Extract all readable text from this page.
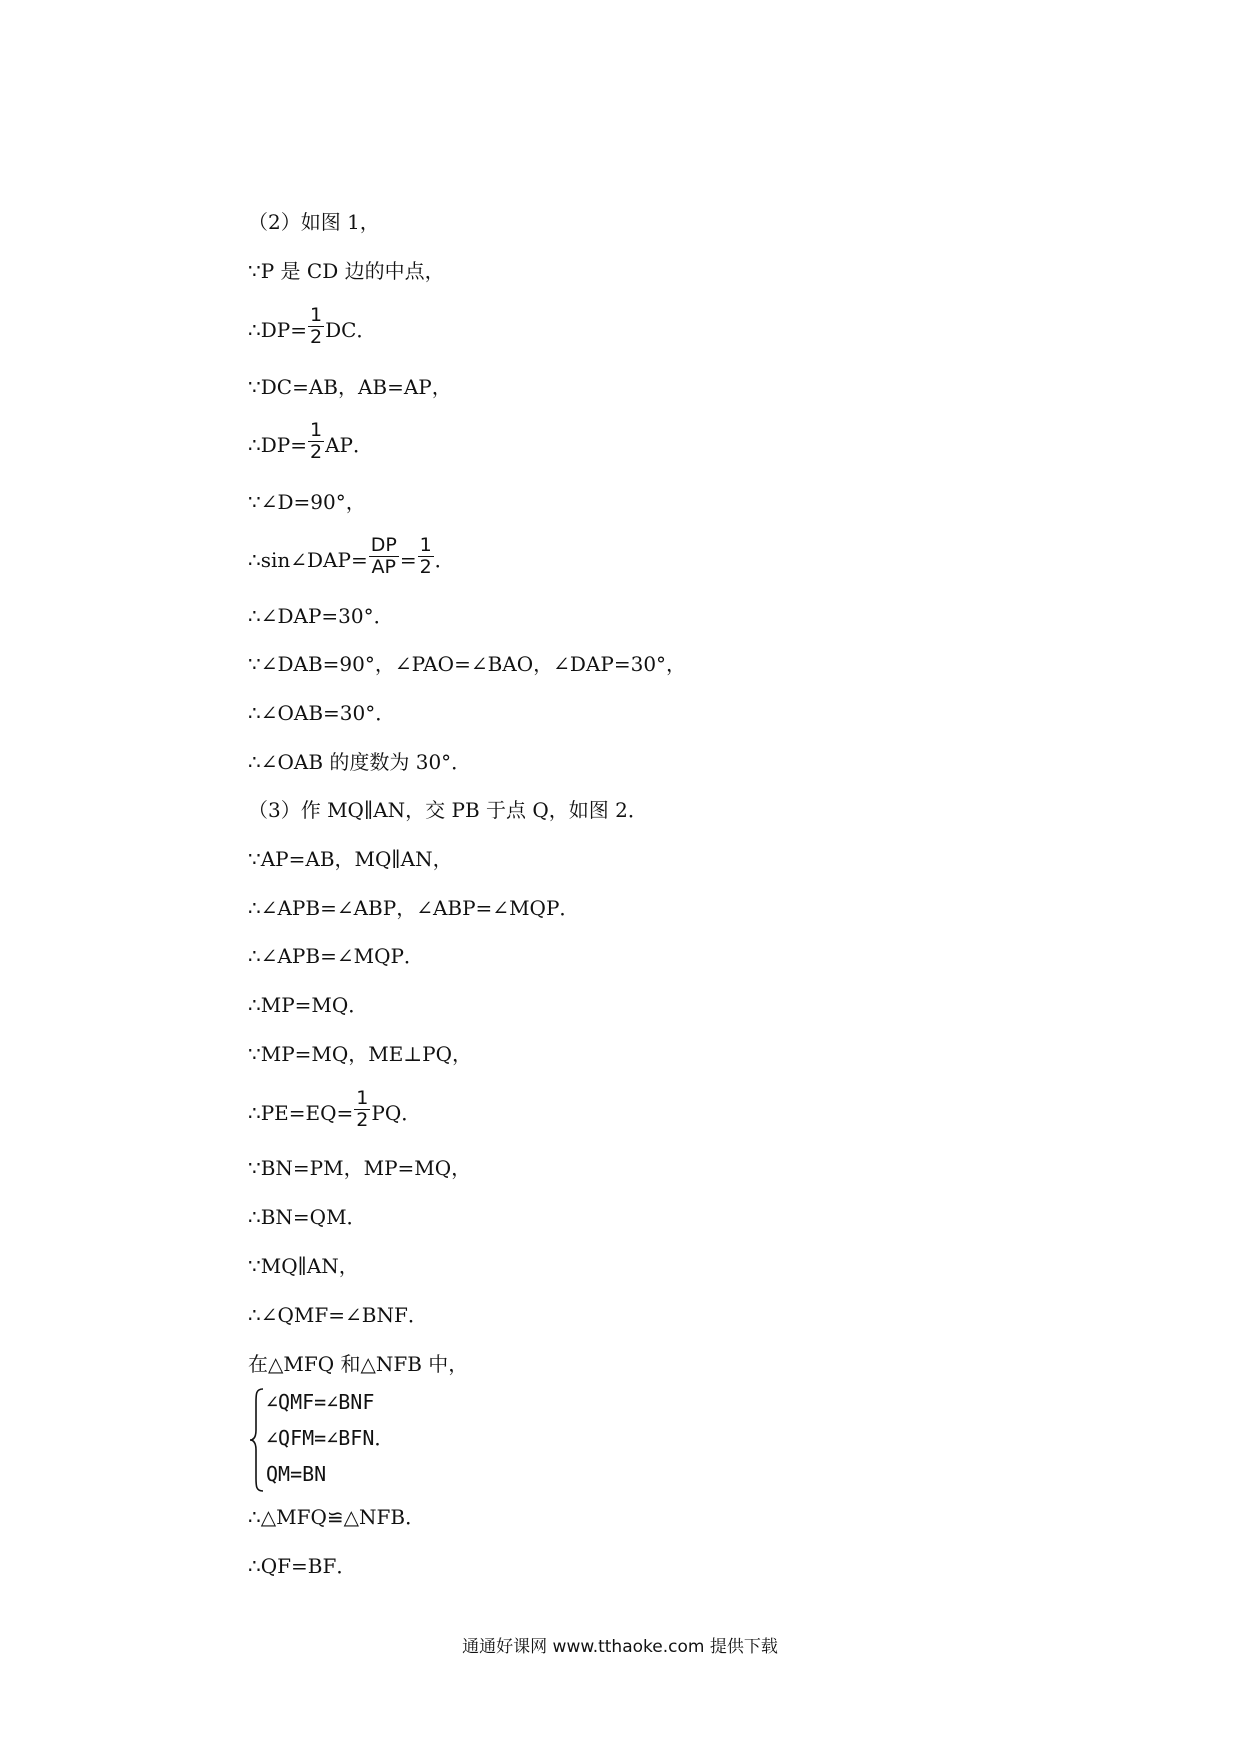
（2）如图 1，
∵P 是 CD 边的中点，
∴DP= $\frac{1}{2}$ DC．
∵DC=AB，AB=AP，
∴DP= $\frac{1}{2}$ AP．
∵∠D=90°，
∴sin∠DAP= $\frac{DP}{AP} = \frac{1}{2}$ ．
∴∠DAP=30°．
∵∠DAB=90°，∠PAO=∠BAO，∠DAP=30°，
∴∠OAB=30°．
∴∠OAB 的度数为 30°．
（3）作 MQ∥AN，交 PB 于点 Q，如图 2．
∵AP=AB，MQ∥AN，
∴∠APB=∠ABP，∠ABP=∠MQP．
∴∠APB=∠MQP．
∴MP=MQ．
∵MP=MQ，ME⊥PQ，
∴PE=EQ= $\frac{1}{2}$ PQ．
∵BN=PM，MP=MQ，
∴BN=QM．
∵MQ∥AN，
∴∠QMF=∠BNF．
在△MFQ 和△NFB 中，
∠QMF=∠BNF
∠QFM=∠BFN．
QM=BN
∴△MFQ≌△NFB．
∴QF=BF．
通通好课网 www.tthaoke.com 提供下载
